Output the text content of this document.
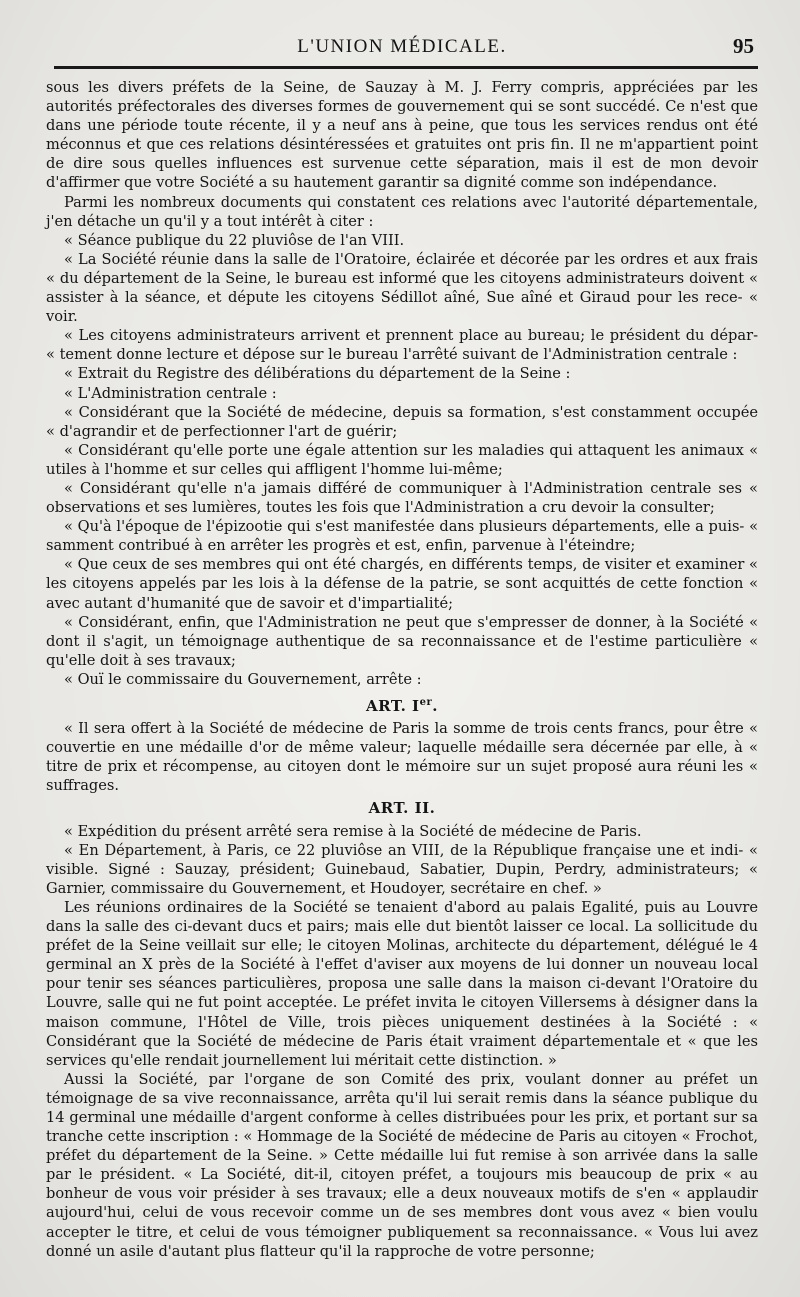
L'UNION MÉDICALE.	95

sous les divers préfets de la Seine, de Sauzay à M. J. Ferry compris, appréciées par les autorités préfectorales des diverses formes de gouvernement qui se sont succédé. Ce n'est que dans une période toute récente, il y a neuf ans à peine, que tous les services rendus ont été méconnus et que ces relations désintéressées et gratuites ont pris fin. Il ne m'appartient point de dire sous quelles influences est survenue cette séparation, mais il est de mon devoir d'affirmer que votre Société a su hautement garantir sa dignité comme son indépendance.

Parmi les nombreux documents qui constatent ces relations avec l'autorité départementale, j'en détache un qu'il y a tout intérêt à citer :

« Séance publique du 22 pluviôse de l'an VIII.

« La Société réunie dans la salle de l'Oratoire, éclairée et décorée par les ordres et aux frais « du département de la Seine, le bureau est informé que les citoyens administrateurs doivent « assister à la séance, et députe les citoyens Sédillot aîné, Sue aîné et Giraud pour les rece- « voir.

« Les citoyens administrateurs arrivent et prennent place au bureau; le président du dépar- « tement donne lecture et dépose sur le bureau l'arrêté suivant de l'Administration centrale :

« Extrait du Registre des délibérations du département de la Seine :

« L'Administration centrale :

« Considérant que la Société de médecine, depuis sa formation, s'est constamment occupée « d'agrandir et de perfectionner l'art de guérir;

« Considérant qu'elle porte une égale attention sur les maladies qui attaquent les animaux « utiles à l'homme et sur celles qui affligent l'homme lui-même;

« Considérant qu'elle n'a jamais différé de communiquer à l'Administration centrale ses « observations et ses lumières, toutes les fois que l'Administration a cru devoir la consulter;

« Qu'à l'époque de l'épizootie qui s'est manifestée dans plusieurs départements, elle a puis- « samment contribué à en arrêter les progrès et est, enfin, parvenue à l'éteindre;

« Que ceux de ses membres qui ont été chargés, en différents temps, de visiter et examiner « les citoyens appelés par les lois à la défense de la patrie, se sont acquittés de cette fonction « avec autant d'humanité que de savoir et d'impartialité;

« Considérant, enfin, que l'Administration ne peut que s'empresser de donner, à la Société « dont il s'agit, un témoignage authentique de sa reconnaissance et de l'estime particulière « qu'elle doit à ses travaux;

« Ouï le commissaire du Gouvernement, arrête :

ART. Ier.

« Il sera offert à la Société de médecine de Paris la somme de trois cents francs, pour être « couvertie en une médaille d'or de même valeur; laquelle médaille sera décernée par elle, à « titre de prix et récompense, au citoyen dont le mémoire sur un sujet proposé aura réuni les « suffrages.

ART. II.

« Expédition du présent arrêté sera remise à la Société de médecine de Paris.

« En Département, à Paris, ce 22 pluviôse an VIII, de la République française une et indi- « visible. Signé : Sauzay, président; Guinebaud, Sabatier, Dupin, Perdry, administrateurs; « Garnier, commissaire du Gouvernement, et Houdoyer, secrétaire en chef. »

Les réunions ordinaires de la Société se tenaient d'abord au palais Egalité, puis au Louvre dans la salle des ci-devant ducs et pairs; mais elle dut bientôt laisser ce local. La sollicitude du préfet de la Seine veillait sur elle; le citoyen Molinas, architecte du département, délégué le 4 germinal an X près de la Société à l'effet d'aviser aux moyens de lui donner un nouveau local pour tenir ses séances particulières, proposa une salle dans la maison ci-devant l'Oratoire du Louvre, salle qui ne fut point acceptée. Le préfet invita le citoyen Villersems à désigner dans la maison commune, l'Hôtel de Ville, trois pièces uniquement destinées à la Société : « Considérant que la Société de médecine de Paris était vraiment départementale et « que les services qu'elle rendait journellement lui méritait cette distinction. »

Aussi la Société, par l'organe de son Comité des prix, voulant donner au préfet un témoignage de sa vive reconnaissance, arrêta qu'il lui serait remis dans la séance publique du 14 germinal une médaille d'argent conforme à celles distribuées pour les prix, et portant sur sa tranche cette inscription : « Hommage de la Société de médecine de Paris au citoyen « Frochot, préfet du département de la Seine. » Cette médaille lui fut remise à son arrivée dans la salle par le président. « La Société, dit-il, citoyen préfet, a toujours mis beaucoup de prix « au bonheur de vous voir présider à ses travaux; elle a deux nouveaux motifs de s'en « applaudir aujourd'hui, celui de vous recevoir comme un de ses membres dont vous avez « bien voulu accepter le titre, et celui de vous témoigner publiquement sa reconnaissance. « Vous lui avez donné un asile d'autant plus flatteur qu'il la rapproche de votre personne;
